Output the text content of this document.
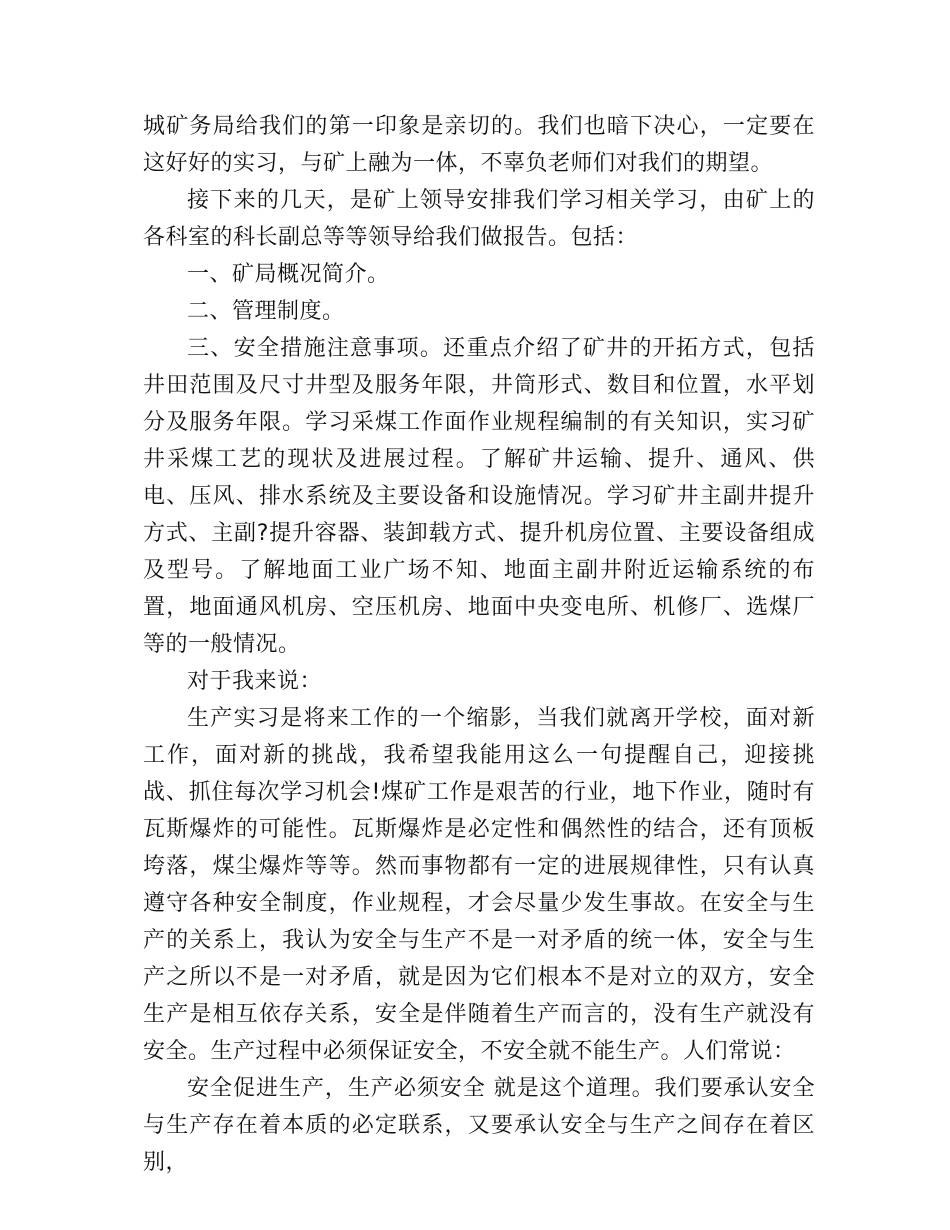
城矿务局给我们的第一印象是亲切的。我们也暗下决心，一定要在这好好的实习，与矿上融为一体，不辜负老师们对我们的期望。

接下来的几天，是矿上领导安排我们学习相关学习，由矿上的各科室的科长副总等等领导给我们做报告。包括：

一、矿局概况简介。

二、管理制度。

三、安全措施注意事项。还重点介绍了矿井的开拓方式，包括井田范围及尺寸井型及服务年限，井筒形式、数目和位置，水平划分及服务年限。学习采煤工作面作业规程编制的有关知识，实习矿井采煤工艺的现状及进展过程。了解矿井运输、提升、通风、供电、压风、排水系统及主要设备和设施情况。学习矿井主副井提升方式、主副?提升容器、装卸载方式、提升机房位置、主要设备组成及型号。了解地面工业广场不知、地面主副井附近运输系统的布置，地面通风机房、空压机房、地面中央变电所、机修厂、选煤厂等的一般情况。

对于我来说：

生产实习是将来工作的一个缩影，当我们就离开学校，面对新工作，面对新的挑战，我希望我能用这么一句提醒自己，迎接挑战、抓住每次学习机会!煤矿工作是艰苦的行业，地下作业，随时有瓦斯爆炸的可能性。瓦斯爆炸是必定性和偶然性的结合，还有顶板垮落，煤尘爆炸等等。然而事物都有一定的进展规律性，只有认真遵守各种安全制度，作业规程，才会尽量少发生事故。在安全与生产的关系上，我认为安全与生产不是一对矛盾的统一体，安全与生产之所以不是一对矛盾，就是因为它们根本不是对立的双方，安全生产是相互依存关系，安全是伴随着生产而言的，没有生产就没有安全。生产过程中必须保证安全，不安全就不能生产。人们常说：

安全促进生产，生产必须安全 就是这个道理。我们要承认安全与生产存在着本质的必定联系，又要承认安全与生产之间存在着区别，
